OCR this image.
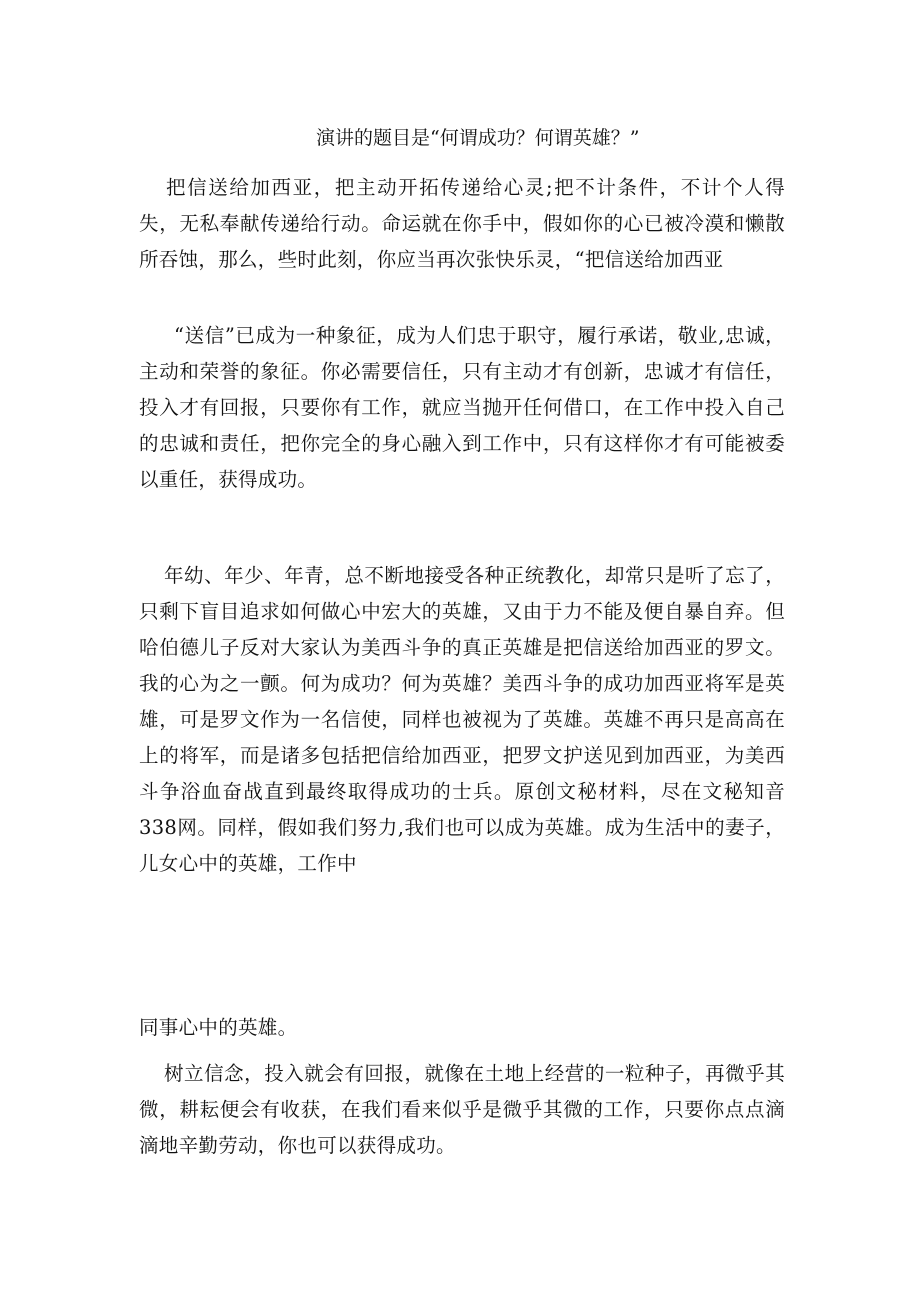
演讲的题目是“何谓成功？何谓英雄？”
把信送给加西亚，把主动开拓传递给心灵;把不计条件，不计个人得失，无私奉献传递给行动。命运就在你手中，假如你的心已被冷漠和懒散所吞蚀，那么，些时此刻，你应当再次张快乐灵，“把信送给加西亚
“送信”已成为一种象征，成为人们忠于职守，履行承诺，敬业,忠诚，主动和荣誉的象征。你必需要信任，只有主动才有创新，忠诚才有信任，投入才有回报，只要你有工作，就应当抛开任何借口，在工作中投入自己的忠诚和责任，把你完全的身心融入到工作中，只有这样你才有可能被委以重任，获得成功。
年幼、年少、年青，总不断地接受各种正统教化，却常只是听了忘了，只剩下盲目追求如何做心中宏大的英雄，又由于力不能及便自暴自弃。但哈伯德儿子反对大家认为美西斗争的真正英雄是把信送给加西亚的罗文。我的心为之一颤。何为成功？何为英雄？美西斗争的成功加西亚将军是英雄，可是罗文作为一名信使，同样也被视为了英雄。英雄不再只是高高在上的将军，而是诸多包括把信给加西亚，把罗文护送见到加西亚，为美西斗争浴血奋战直到最终取得成功的士兵。原创文秘材料，尽在文秘知音338网。同样，假如我们努力,我们也可以成为英雄。成为生活中的妻子，儿女心中的英雄，工作中
同事心中的英雄。
树立信念，投入就会有回报，就像在土地上经营的一粒种子，再微乎其微，耕耘便会有收获，在我们看来似乎是微乎其微的工作，只要你点点滴滴地辛勤劳动，你也可以获得成功。
